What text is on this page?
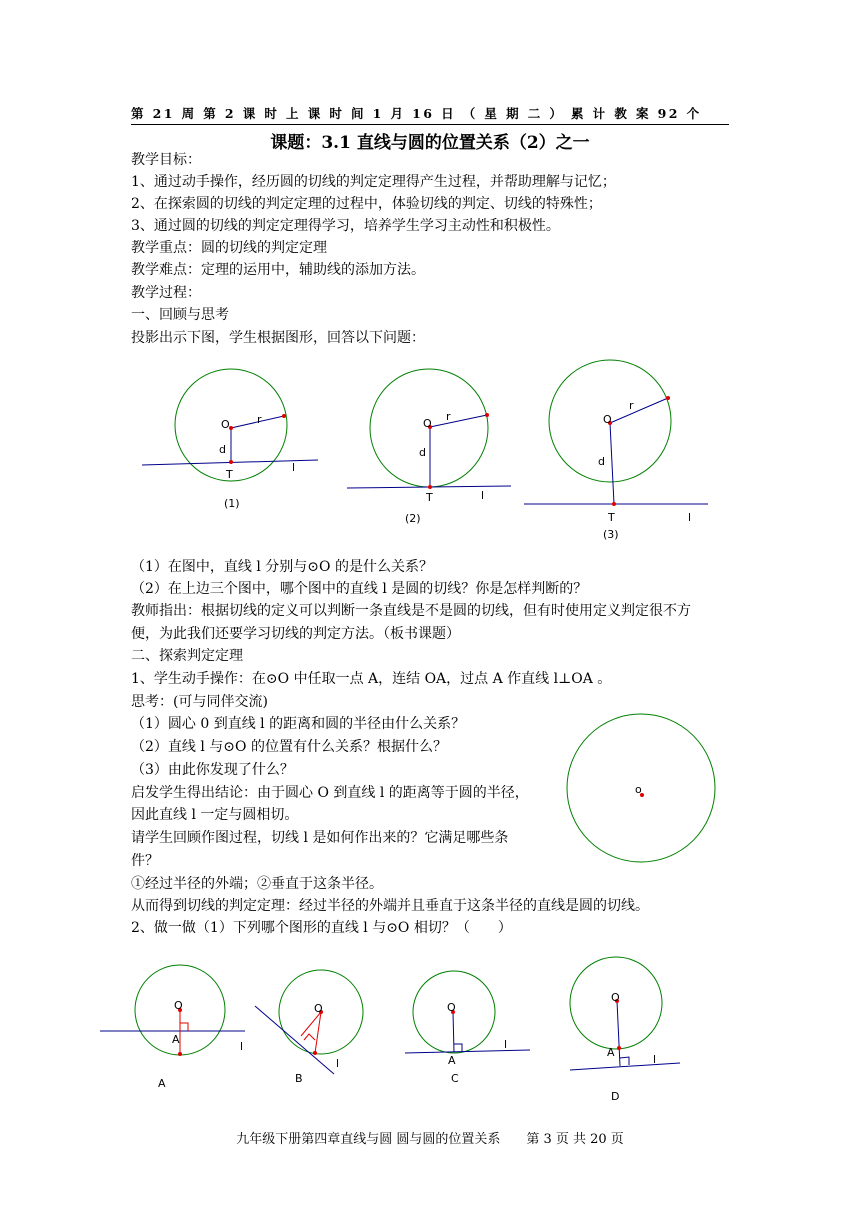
第 21 周 第 2 课 时 上 课 时 间 1 月 16 日 （ 星 期 二 ） 累 计 教 案 92 个
课题：3.1 直线与圆的位置关系（2）之一
教学目标：
1、通过动手操作，经历圆的切线的判定定理得产生过程，并帮助理解与记忆；
2、在探索圆的切线的判定定理的过程中，体验切线的判定、切线的特殊性；
3、通过圆的切线的判定定理得学习，培养学生学习主动性和积极性。
教学重点：圆的切线的判定定理
教学难点：定理的运用中，辅助线的添加方法。
教学过程：
一、回顾与思考
投影出示下图，学生根据图形，回答以下问题：
（1）在图中，直线 l 分别与⊙O 的是什么关系？
（2）在上边三个图中，哪个图中的直线 l 是圆的切线？你是怎样判断的？
教师指出：根据切线的定义可以判断一条直线是不是圆的切线，但有时使用定义判定很不方
便，为此我们还要学习切线的判定方法。（板书课题）
二、探索判定定理
1、学生动手操作：在⊙O 中任取一点 A，连结 OA，过点 A 作直线 l⊥OA 。
思考：(可与同伴交流)
（1）圆心 0 到直线 l 的距离和圆的半径由什么关系？
（2）直线 l 与⊙O 的位置有什么关系？根据什么？
（3）由此你发现了什么？
启发学生得出结论：由于圆心 O 到直线 l 的距离等于圆的半径，
因此直线 l 一定与圆相切。
请学生回顾作图过程，切线 l 是如何作出来的？它满足哪些条
件？
①经过半径的外端；②垂直于这条半径。
从而得到切线的判定定理：经过半径的外端并且垂直于这条半径的直线是圆的切线。
2、做一做（1）下列哪个图形的直线 l 与⊙O 相切？（　　）
O r
d
T
l
(1)
O
r
d
T	l
(2)
O
r
d
T	l
(3)
o
O
A
l
A
O
l
B
O
A
l
C
O
A
l
D
九年级下册第四章直线与圆 圆与圆的位置关系　　第 3 页 共 20 页
